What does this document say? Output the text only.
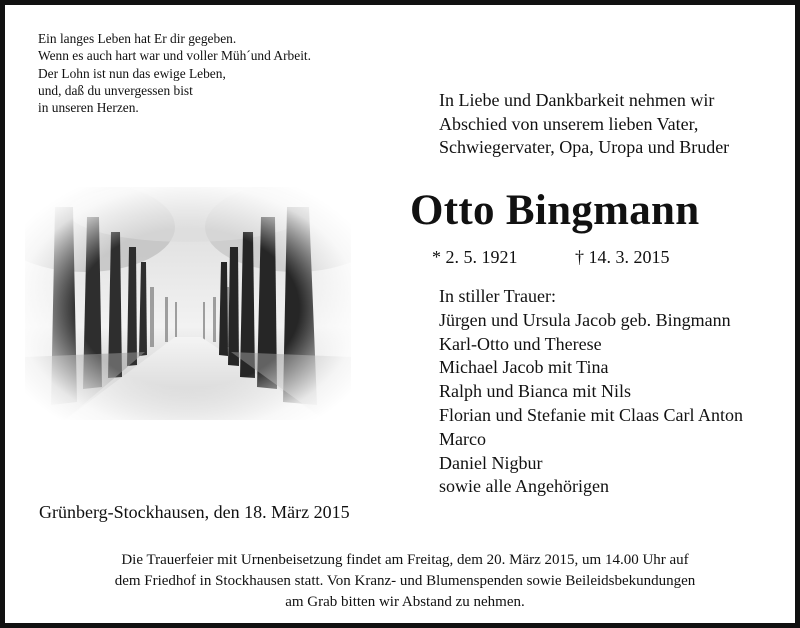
Ein langes Leben hat Er dir gegeben.
Wenn es auch hart war und voller Müh´und Arbeit.
Der Lohn ist nun das ewige Leben,
und, daß du unvergessen bist
in unseren Herzen.	In Liebe und Dankbarkeit nehmen wir
Abschied von unserem lieben Vater,
Schwiegervater, Opa, Uropa und Bruder
Otto Bingmann
* 2. 5. 1921	† 14. 3. 2015
In stiller Trauer:
Jürgen und Ursula Jacob geb. Bingmann
Karl-Otto und Therese
Michael Jacob mit Tina
Ralph und Bianca mit Nils
Florian und Stefanie mit Claas Carl Anton
Marco
Daniel Nigbur
sowie alle Angehörigen
Grünberg-Stockhausen, den 18. März 2015
Die Trauerfeier mit Urnenbeisetzung findet am Freitag, dem 20. März 2015, um 14.00 Uhr auf
dem Friedhof in Stockhausen statt. Von Kranz- und Blumenspenden sowie Beileidsbekundungen
am Grab bitten wir Abstand zu nehmen.
